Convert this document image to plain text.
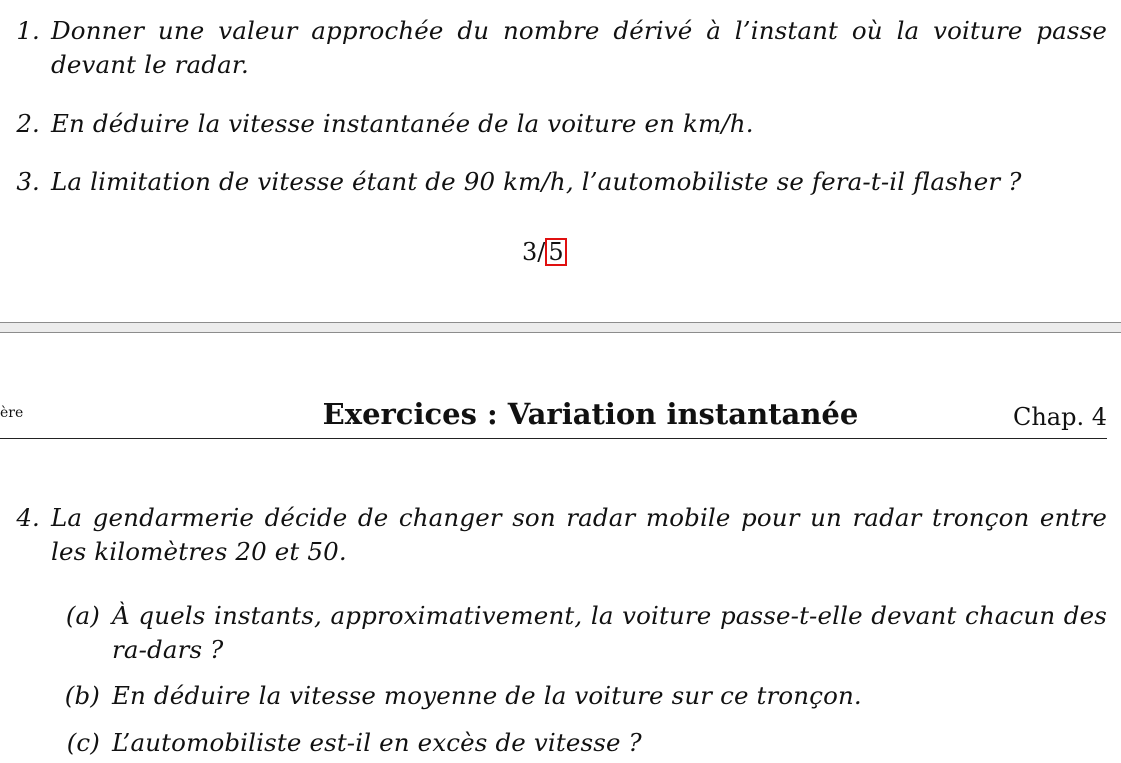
1. Donner une valeur approchée du nombre dérivé à l’instant où la voiture passe devant le radar.
2. En déduire la vitesse instantanée de la voiture en km/h.
3. La limitation de vitesse étant de 90 km/h, l’automobiliste se fera-t-il flasher ?
3/ 5
ère	Exercices : Variation instantanée	Chap. 4
4. La gendarmerie décide de changer son radar mobile pour un radar tronçon entre les kilomètres 20 et 50.
(a) À quels instants, approximativement, la voiture passe-t-elle devant chacun des ra-dars ?
(b) En déduire la vitesse moyenne de la voiture sur ce tronçon.
(c) L’automobiliste est-il en excès de vitesse ?
